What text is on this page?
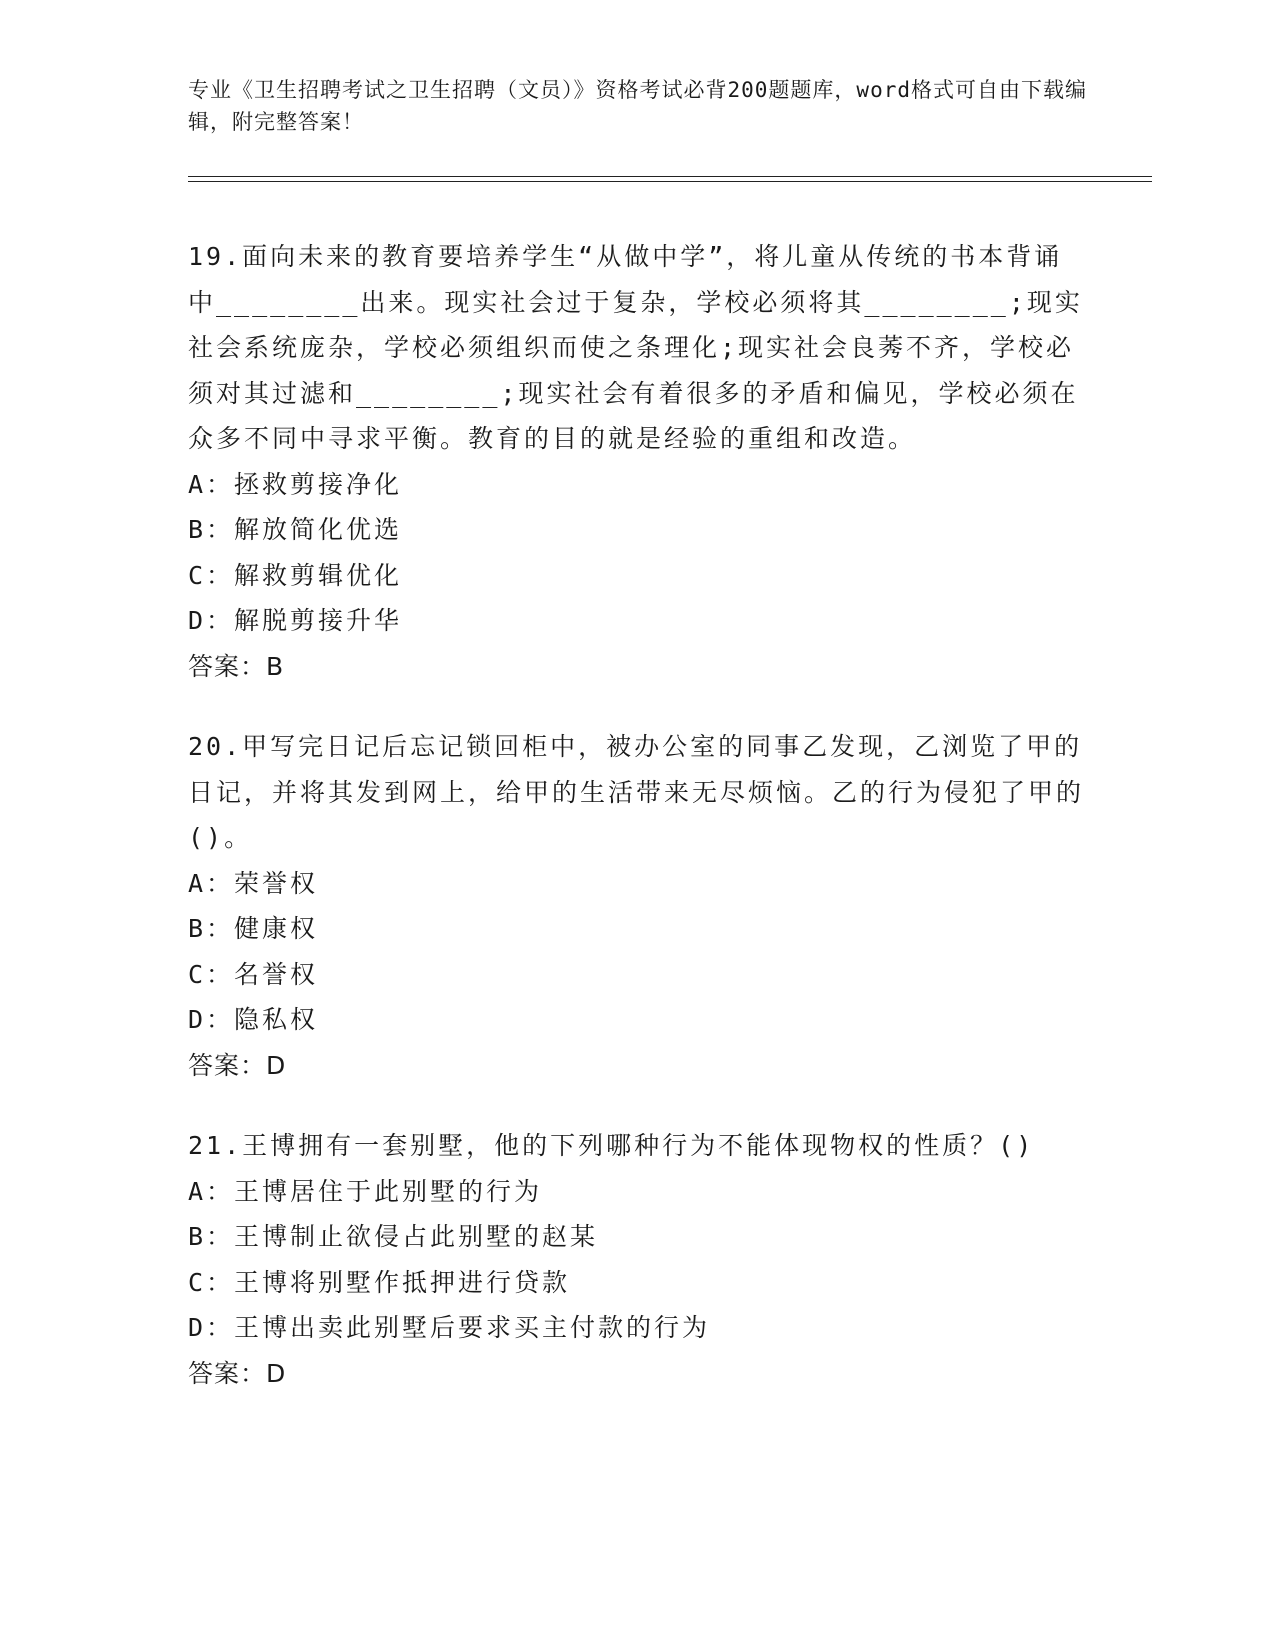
专业《卫生招聘考试之卫生招聘（文员）》资格考试必背200题题库，word格式可自由下载编辑，附完整答案！
19.面向未来的教育要培养学生“从做中学”，将儿童从传统的书本背诵中________出来。现实社会过于复杂，学校必须将其________;现实社会系统庞杂，学校必须组织而使之条理化;现实社会良莠不齐，学校必须对其过滤和________;现实社会有着很多的矛盾和偏见，学校必须在众多不同中寻求平衡。教育的目的就是经验的重组和改造。
A：拯救剪接净化
B：解放简化优选
C：解救剪辑优化
D：解脱剪接升华
答案：B
20.甲写完日记后忘记锁回柜中，被办公室的同事乙发现，乙浏览了甲的日记，并将其发到网上，给甲的生活带来无尽烦恼。乙的行为侵犯了甲的()。
A：荣誉权
B：健康权
C：名誉权
D：隐私权
答案：D
21.王博拥有一套别墅，他的下列哪种行为不能体现物权的性质？()
A：王博居住于此别墅的行为
B：王博制止欲侵占此别墅的赵某
C：王博将别墅作抵押进行贷款
D：王博出卖此别墅后要求买主付款的行为
答案：D
